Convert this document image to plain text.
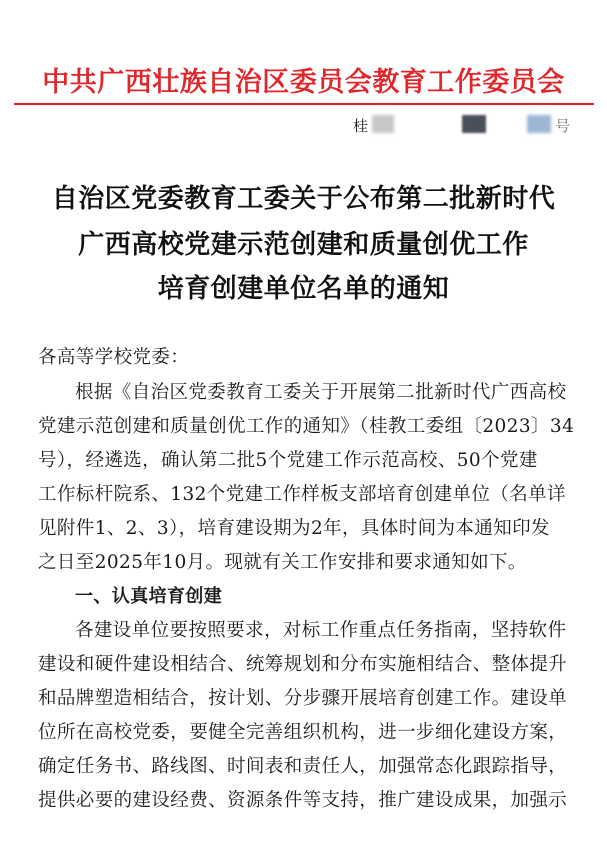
中共广西壮族自治区委员会教育工作委员会
桂	号
自治区党委教育工委关于公布第二批新时代
广西高校党建示范创建和质量创优工作
培育创建单位名单的通知
各高等学校党委：
根据《自治区党委教育工委关于开展第二批新时代广西高校
党建示范创建和质量创优工作的通知》（桂教工委组〔2023〕34
号），经遴选，确认第二批5个党建工作示范高校、50个党建
工作标杆院系、132个党建工作样板支部培育创建单位（名单详
见附件1、2、3），培育建设期为2年，具体时间为本通知印发
之日至2025年10月。现就有关工作安排和要求通知如下。
一、认真培育创建
各建设单位要按照要求，对标工作重点任务指南，坚持软件
建设和硬件建设相结合、统筹规划和分布实施相结合、整体提升
和品牌塑造相结合，按计划、分步骤开展培育创建工作。建设单
位所在高校党委，要健全完善组织机构，进一步细化建设方案，
确定任务书、路线图、时间表和责任人，加强常态化跟踪指导，
提供必要的建设经费、资源条件等支持，推广建设成果，加强示
